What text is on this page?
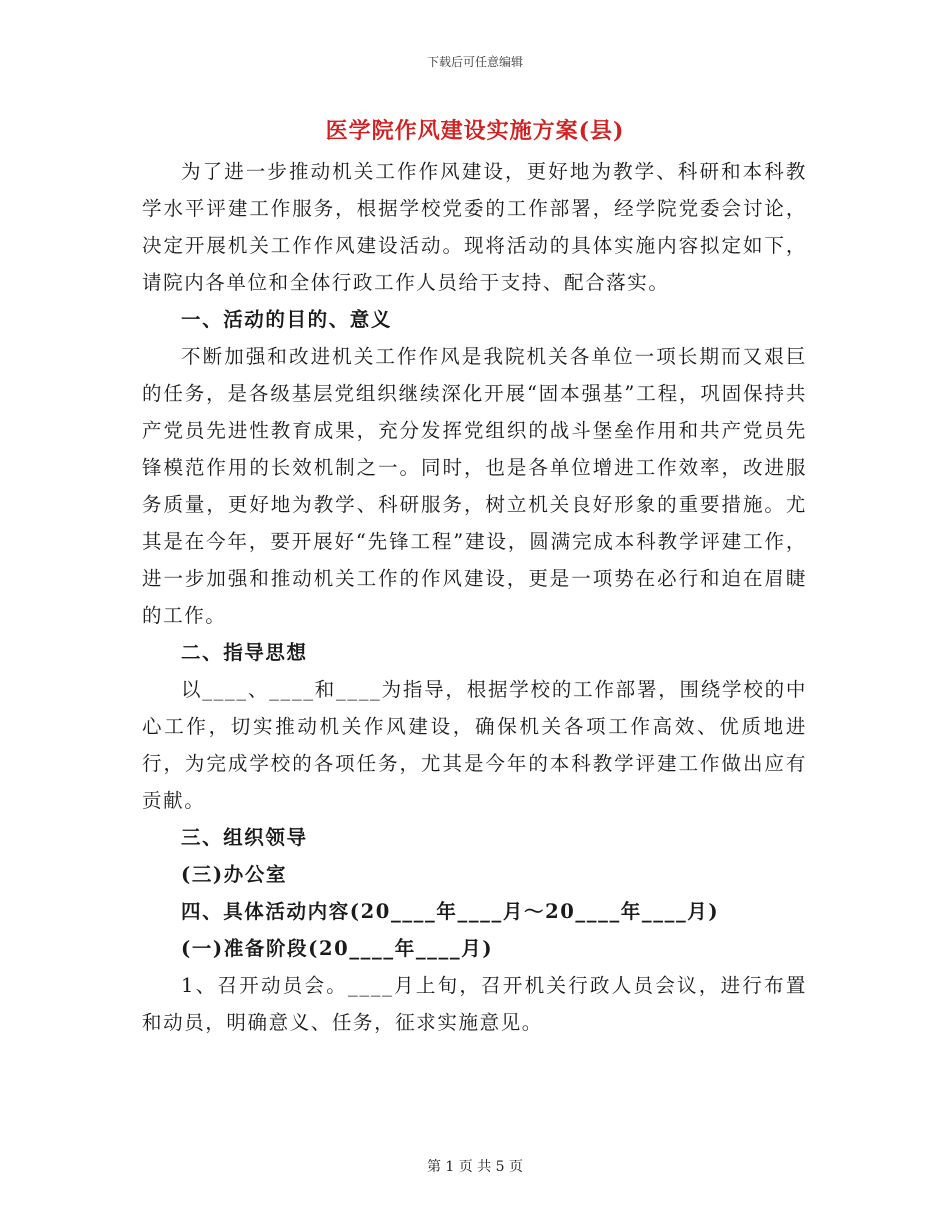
下载后可任意编辑
医学院作风建设实施方案(县)

为了进一步推动机关工作作风建设，更好地为教学、科研和本科教学水平评建工作服务，根据学校党委的工作部署，经学院党委会讨论，决定开展机关工作作风建设活动。现将活动的具体实施内容拟定如下，请院内各单位和全体行政工作人员给于支持、配合落实。

一、活动的目的、意义

不断加强和改进机关工作作风是我院机关各单位一项长期而又艰巨的任务，是各级基层党组织继续深化开展“固本强基”工程，巩固保持共产党员先进性教育成果，充分发挥党组织的战斗堡垒作用和共产党员先锋模范作用的长效机制之一。同时，也是各单位增进工作效率，改进服务质量，更好地为教学、科研服务，树立机关良好形象的重要措施。尤其是在今年，要开展好“先锋工程”建设，圆满完成本科教学评建工作，进一步加强和推动机关工作的作风建设，更是一项势在必行和迫在眉睫的工作。

二、指导思想

以____、____和____为指导，根据学校的工作部署，围绕学校的中心工作，切实推动机关作风建设，确保机关各项工作高效、优质地进行，为完成学校的各项任务，尤其是今年的本科教学评建工作做出应有贡献。

三、组织领导

(三)办公室

四、具体活动内容(20____年____月～20____年____月)

(一)准备阶段(20____年____月)

1、召开动员会。____月上旬，召开机关行政人员会议，进行布置和动员，明确意义、任务，征求实施意见。

第 1 页 共 5 页
